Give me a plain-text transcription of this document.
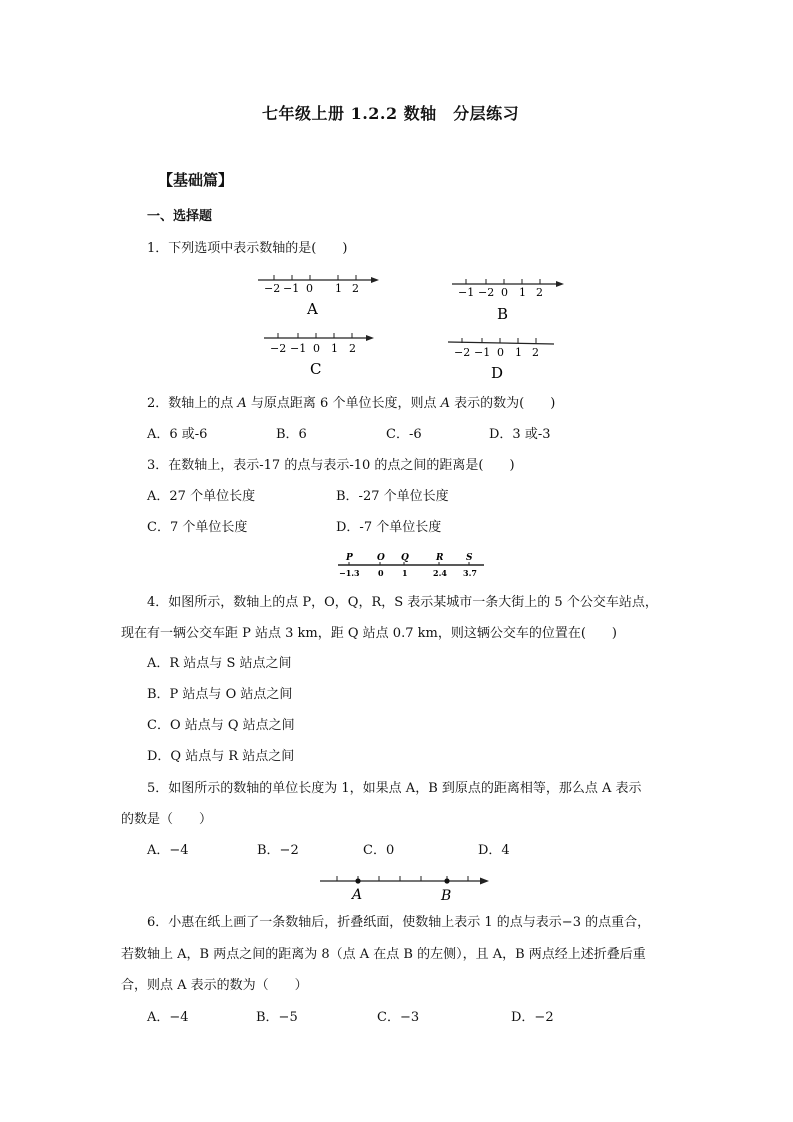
七年级上册 1.2.2 数轴　分层练习
【基础篇】
一、选择题
1．下列选项中表示数轴的是(　　)
−2 −1 0 1 2
A
−1 −2 0 1 2
B
−2 −1 0 1 2
C
−2 −1 0 1 2
D
2．数轴上的点 A 与原点距离 6 个单位长度，则点 A 表示的数为(　　)
A．6 或-6	B．6	C．-6	D．3 或-3
3．在数轴上，表示-17 的点与表示-10 的点之间的距离是(　　)
A．27 个单位长度	B．-27 个单位长度
C．7 个单位长度	D．-7 个单位长度
P	O Q	R	S
−1.3 0 1	2.4 3.7
4．如图所示，数轴上的点 P，O，Q，R，S 表示某城市一条大街上的 5 个公交车站点，
现在有一辆公交车距 P 站点 3 km，距 Q 站点 0.7 km，则这辆公交车的位置在(　　)
A．R 站点与 S 站点之间
B．P 站点与 O 站点之间
C．O 站点与 Q 站点之间
D．Q 站点与 R 站点之间
5．如图所示的数轴的单位长度为 1，如果点 A，B 到原点的距离相等，那么点 A 表示
的数是（　　）
A．−4	B．−2	C．0	D．4
A	B
6．小惠在纸上画了一条数轴后，折叠纸面，使数轴上表示 1 的点与表示−3 的点重合，
若数轴上 A，B 两点之间的距离为 8（点 A 在点 B 的左侧），且 A，B 两点经上述折叠后重
合，则点 A 表示的数为（　　）
A．−4	B．−5	C．−3	D．−2
